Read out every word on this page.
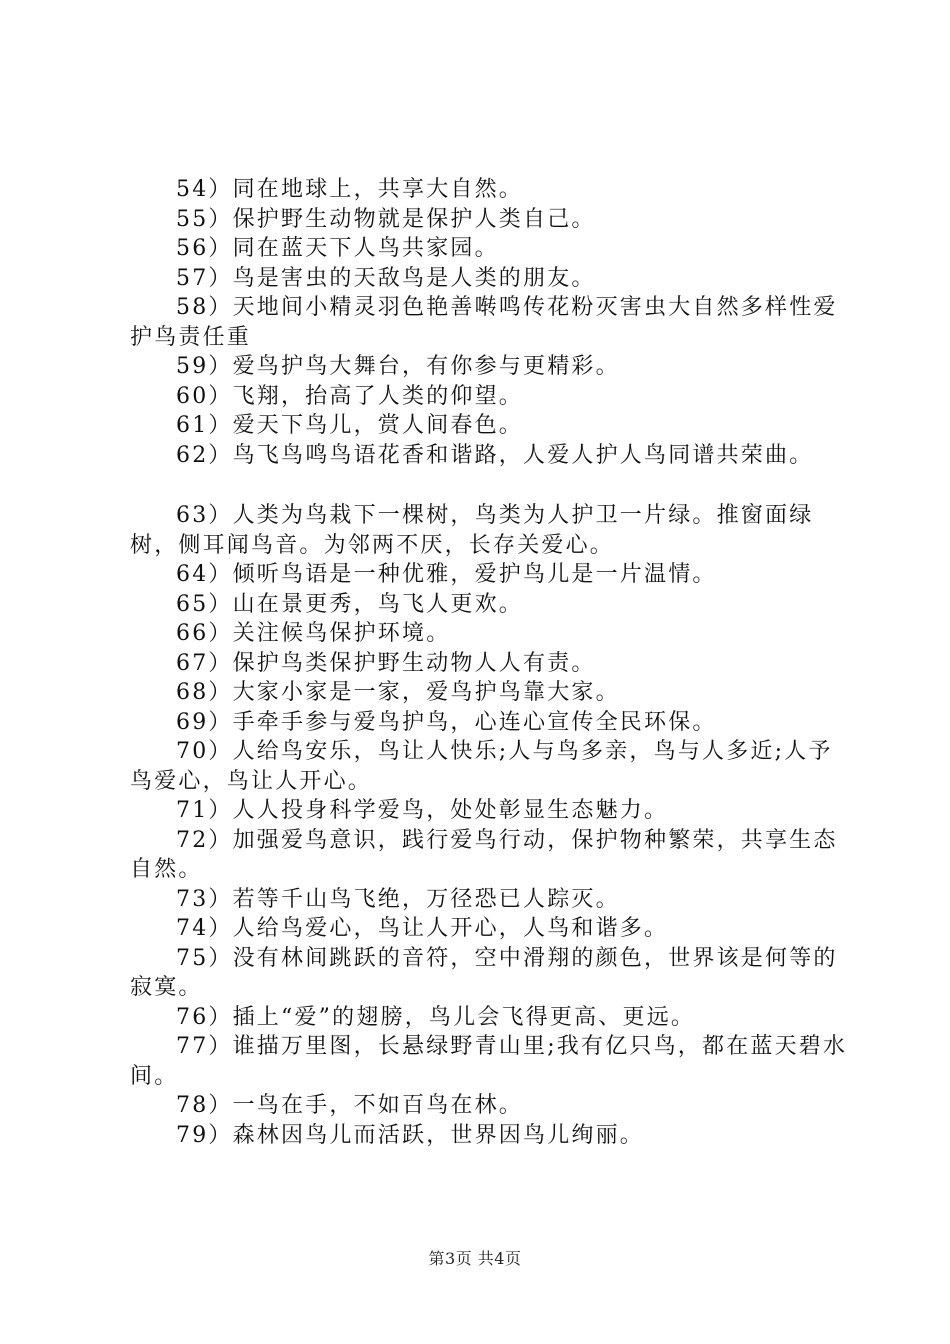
54）同在地球上，共享大自然。

55）保护野生动物就是保护人类自己。

56）同在蓝天下人鸟共家园。

57）鸟是害虫的天敌鸟是人类的朋友。

58）天地间小精灵羽色艳善啭鸣传花粉灭害虫大自然多样性爱护鸟责任重

59）爱鸟护鸟大舞台，有你参与更精彩。

60）飞翔，抬高了人类的仰望。

61）爱天下鸟儿，赏人间春色。

62）鸟飞鸟鸣鸟语花香和谐路，人爱人护人鸟同谱共荣曲。

63）人类为鸟栽下一棵树，鸟类为人护卫一片绿。推窗面绿树，侧耳闻鸟音。为邻两不厌，长存关爱心。

64）倾听鸟语是一种优雅，爱护鸟儿是一片温情。

65）山在景更秀，鸟飞人更欢。

66）关注候鸟保护环境。

67）保护鸟类保护野生动物人人有责。

68）大家小家是一家，爱鸟护鸟靠大家。

69）手牵手参与爱鸟护鸟，心连心宣传全民环保。

70）人给鸟安乐，鸟让人快乐;人与鸟多亲，鸟与人多近;人予鸟爱心，鸟让人开心。

71）人人投身科学爱鸟，处处彰显生态魅力。

72）加强爱鸟意识，践行爱鸟行动，保护物种繁荣，共享生态自然。

73）若等千山鸟飞绝，万径恐已人踪灭。

74）人给鸟爱心，鸟让人开心，人鸟和谐多。

75）没有林间跳跃的音符，空中滑翔的颜色，世界该是何等的寂寞。

76）插上“爱”的翅膀，鸟儿会飞得更高、更远。

77）谁描万里图，长悬绿野青山里;我有亿只鸟，都在蓝天碧水间。

78）一鸟在手，不如百鸟在林。

79）森林因鸟儿而活跃，世界因鸟儿绚丽。

第3页 共4页
